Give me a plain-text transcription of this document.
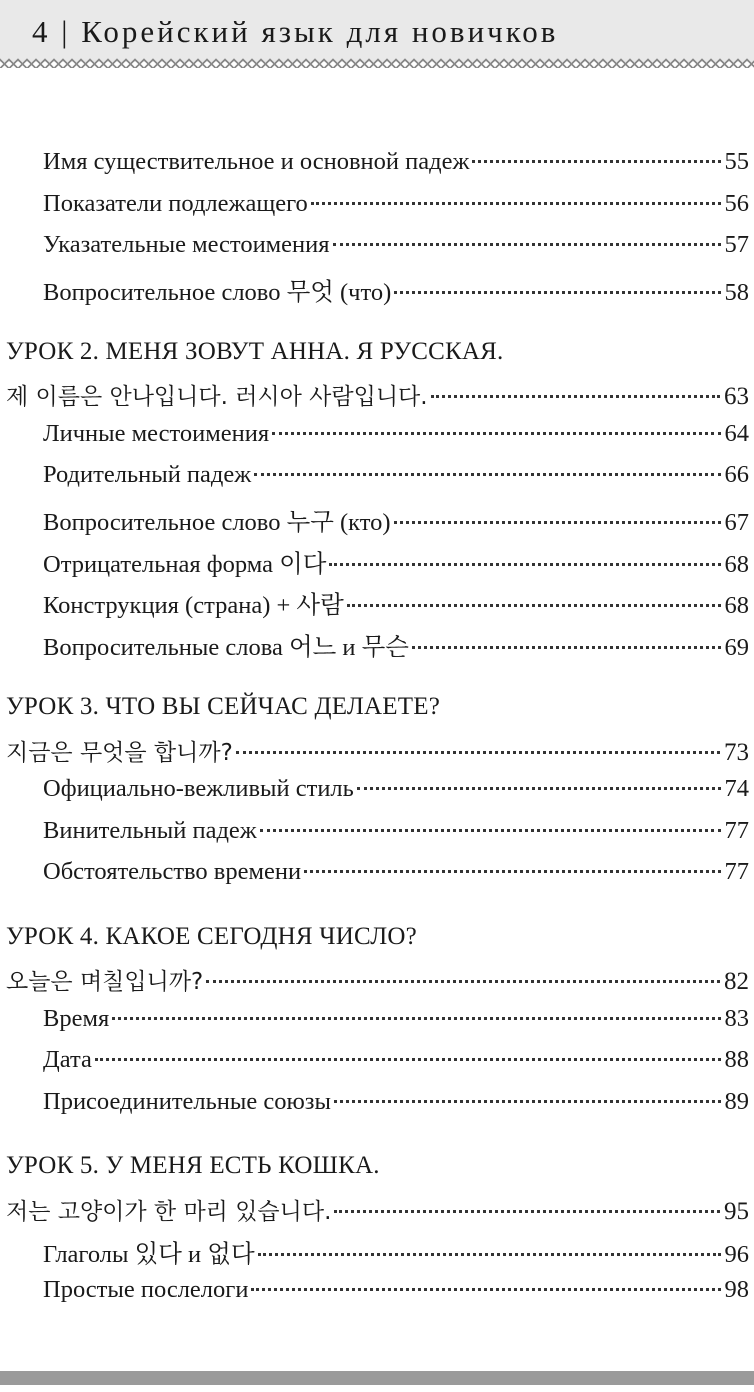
4 | Корейский язык для новичков
Имя существительное и основной падеж	55
Показатели подлежащего	56
Указательные местоимения	57
Вопросительное слово 무엇 (что)	58
УРОК 2. МЕНЯ ЗОВУТ АННА. Я РУССКАЯ.
제 이름은 안나입니다. 러시아 사람입니다.	63
Личные местоимения	64
Родительный падеж	66
Вопросительное слово 누구 (кто)	67
Отрицательная форма 이다	68
Конструкция (страна) + 사람	68
Вопросительные слова 어느 и 무슨	69
УРОК 3. ЧТО ВЫ СЕЙЧАС ДЕЛАЕТЕ?
지금은 무엇을 합니까?	73
Официально-вежливый стиль	74
Винительный падеж	77
Обстоятельство времени	77
УРОК 4. КАКОЕ СЕГОДНЯ ЧИСЛО?
오늘은 며칠입니까?	82
Время	83
Дата	88
Присоединительные союзы	89
УРОК 5. У МЕНЯ ЕСТЬ КОШКА.
저는 고양이가 한 마리 있습니다.	95
Глаголы 있다 и 없다	96
Простые послелоги	98
